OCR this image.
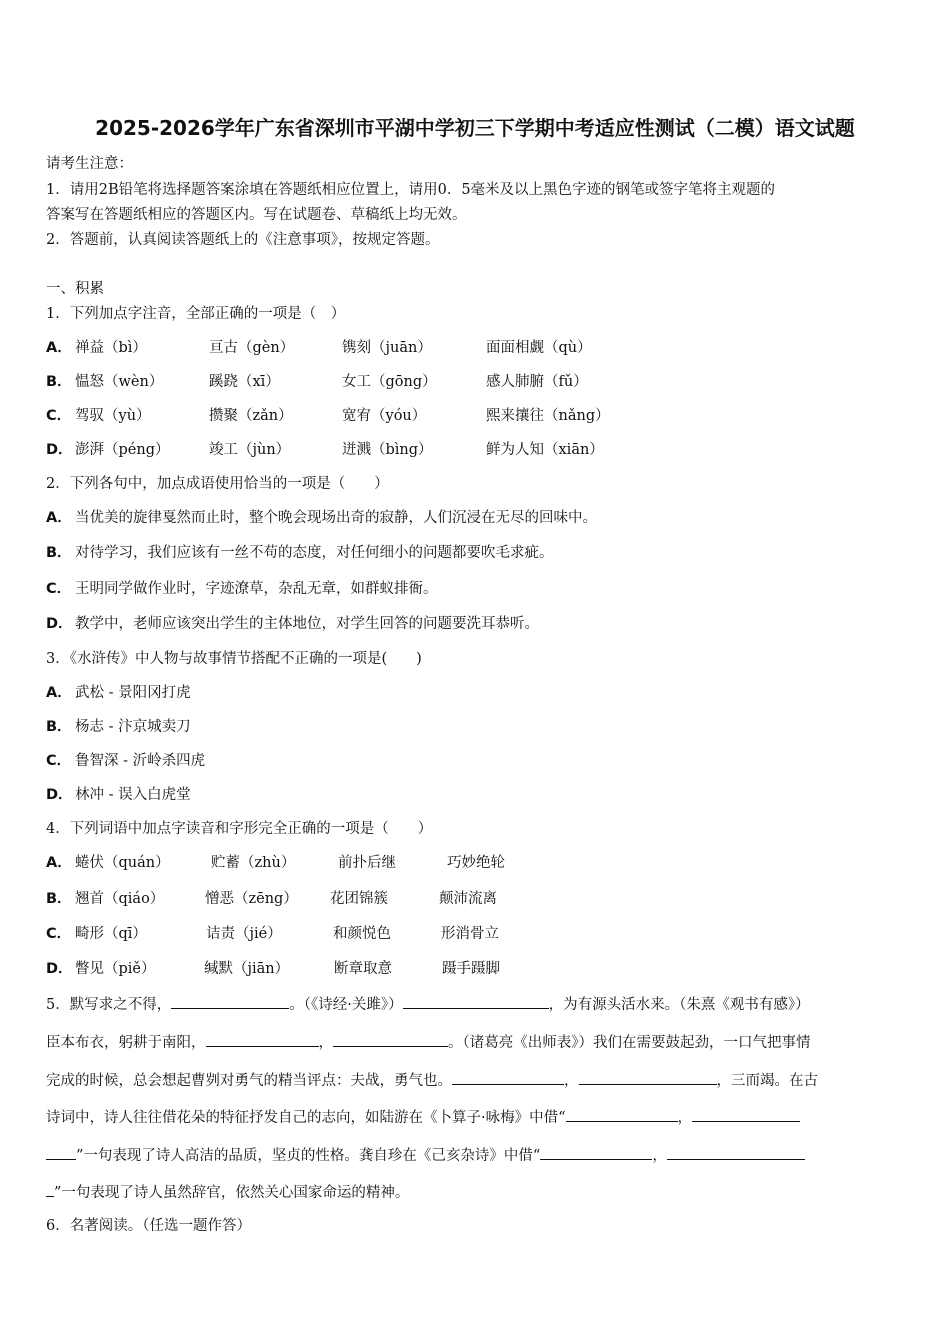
2025-2026学年广东省深圳市平湖中学初三下学期中考适应性测试（二模）语文试题
请考生注意：
1．请用2B铅笔将选择题答案涂填在答题纸相应位置上，请用0．5毫米及以上黑色字迹的钢笔或签字笔将主观题的
答案写在答题纸相应的答题区内。写在试题卷、草稿纸上均无效。
2．答题前，认真阅读答题纸上的《注意事项》，按规定答题。
一、积累
1．下列加点字注音，全部正确的一项是（　）
A． 禅益（bì）	亘古（gèn）	镌刻（juān）	面面相觑（qù）
B． 愠怒（wèn）	蹊跷（xī）	女工（gōng）	感人肺腑（fǔ）
C． 驾驭（yù）	攒聚（zǎn）	宽宥（yóu）	熙来攘往（nǎng）
D． 澎湃（péng）	竣工（jùn）	迸溅（bìng）	鲜为人知（xiān）
2．下列各句中，加点成语使用恰当的一项是（　　）
A． 当优美的旋律戛然而止时，整个晚会现场出奇的寂静，人们沉浸在无尽的回味中。
B． 对待学习，我们应该有一丝不苟的态度，对任何细小的问题都要吹毛求疵。
C． 王明同学做作业时，字迹潦草，杂乱无章，如群蚁排衙。
D． 教学中，老师应该突出学生的主体地位，对学生回答的问题要洗耳恭听。
3．《水浒传》中人物与故事情节搭配不正确的一项是(　　)
A． 武松 - 景阳冈打虎
B． 杨志 - 汴京城卖刀
C． 鲁智深 - 沂岭杀四虎
D． 林冲 - 误入白虎堂
4．下列词语中加点字读音和字形完全正确的一项是（　　）
A． 蜷伏（quán）	贮蓄（zhù）	前扑后继	巧妙绝轮
B． 翘首（qiáo）	憎恶（zēng） 花团锦簇	颠沛流离
C． 畸形（qī）	诘责（jié）	和颜悦色	形消骨立
D． 瞥见（piě）	缄默（jiān）	断章取意	蹑手蹑脚
5．默写求之不得，	。（《诗经·关雎》）	，为有源头活水来。（朱熹《观书有感》）
臣本布衣，躬耕于南阳，	，	。（诸葛亮《出师表》）我们在需要鼓起劲，一口气把事情
完成的时候，总会想起曹刿对勇气的精当评点：夫战，勇气也。	，	，三而竭。在古
诗词中，诗人往往借花朵的特征抒发自己的志向，如陆游在《卜算子·咏梅》中借“	，
”一句表现了诗人高洁的品质，坚贞的性格。龚自珍在《己亥杂诗》中借“	，
”一句表现了诗人虽然辞官，依然关心国家命运的精神。
6．名著阅读。（任选一题作答）
